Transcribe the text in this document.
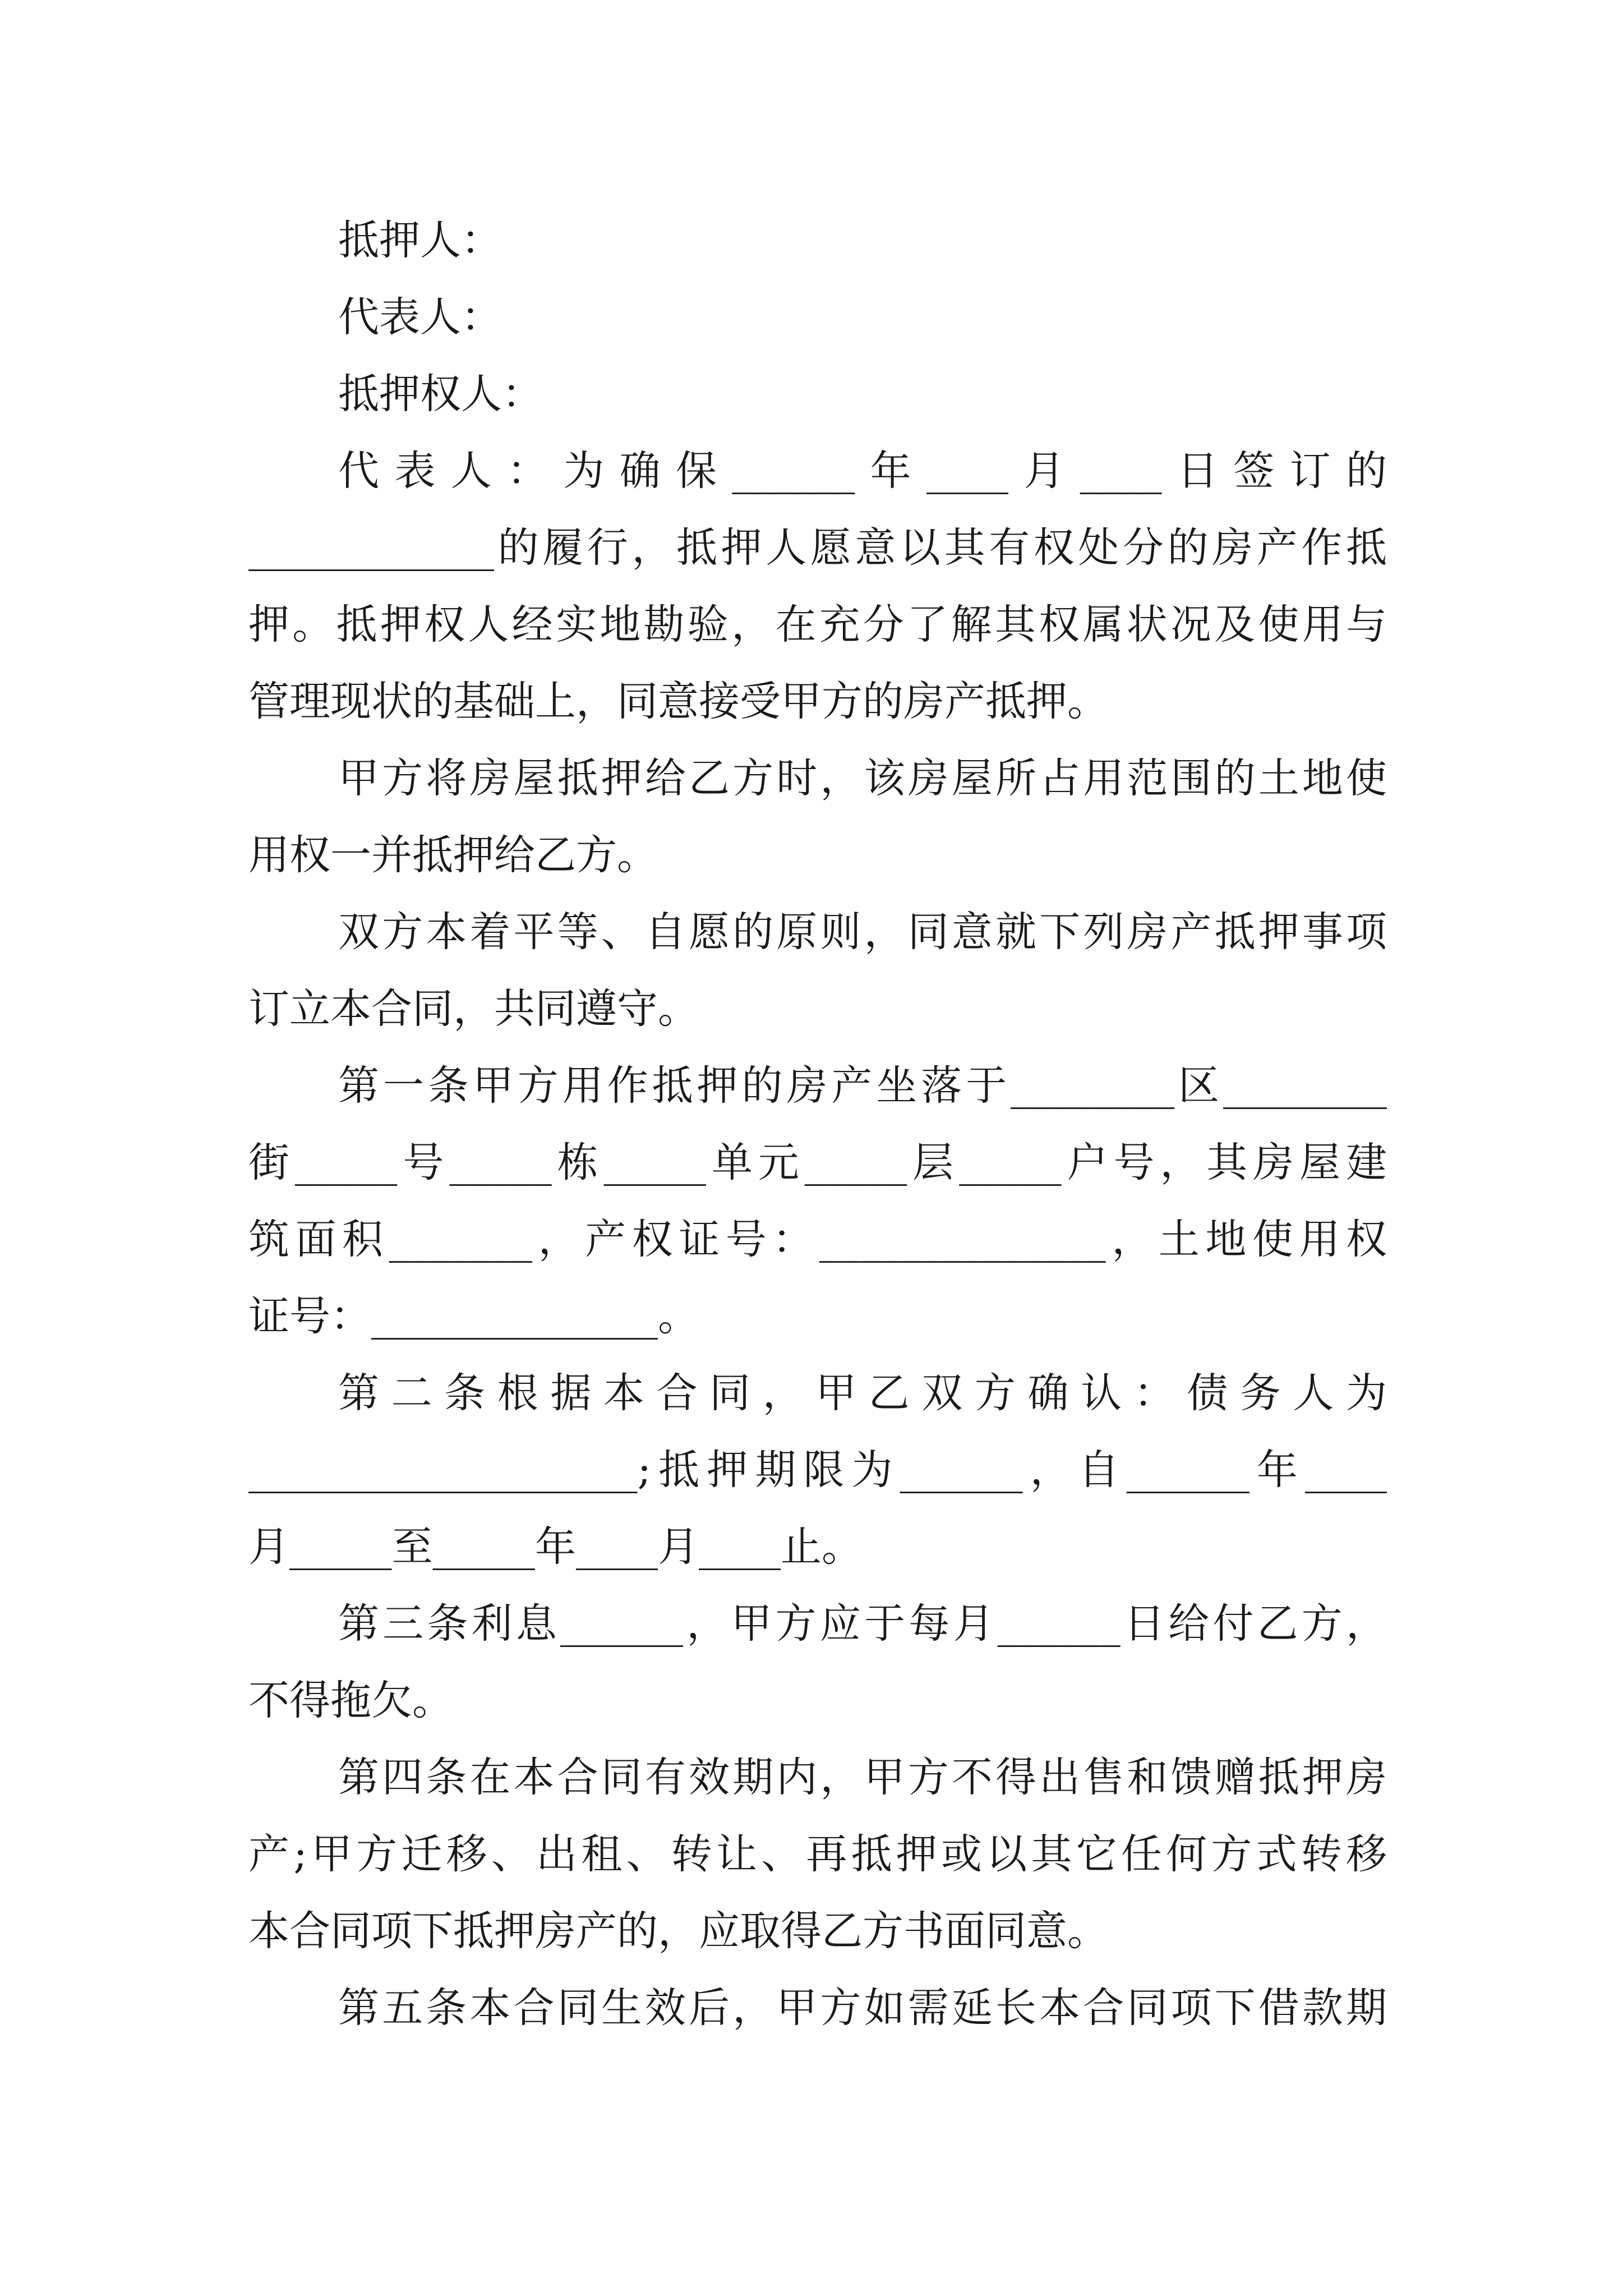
抵押人：
代表人：
抵押权人：
代表人：为确保______年____月____日签订的
____________的履行，抵押人愿意以其有权处分的房产作抵
押。抵押权人经实地勘验，在充分了解其权属状况及使用与
管理现状的基础上，同意接受甲方的房产抵押。
甲方将房屋抵押给乙方时，该房屋所占用范围的土地使
用权一并抵押给乙方。
双方本着平等、自愿的原则，同意就下列房产抵押事项
订立本合同，共同遵守。
第一条甲方用作抵押的房产坐落于________区________
街_____号_____栋_____单元_____层_____户号，其房屋建
筑面积_______，产权证号：______________，土地使用权
证号：______________。
第二条根据本合同，甲乙双方确认：债务人为
___________________;抵押期限为______，自______年____
月_____至_____年____月____止。
第三条利息______，甲方应于每月______日给付乙方，
不得拖欠。
第四条在本合同有效期内，甲方不得出售和馈赠抵押房
产;甲方迁移、出租、转让、再抵押或以其它任何方式转移
本合同项下抵押房产的，应取得乙方书面同意。
第五条本合同生效后，甲方如需延长本合同项下借款期
